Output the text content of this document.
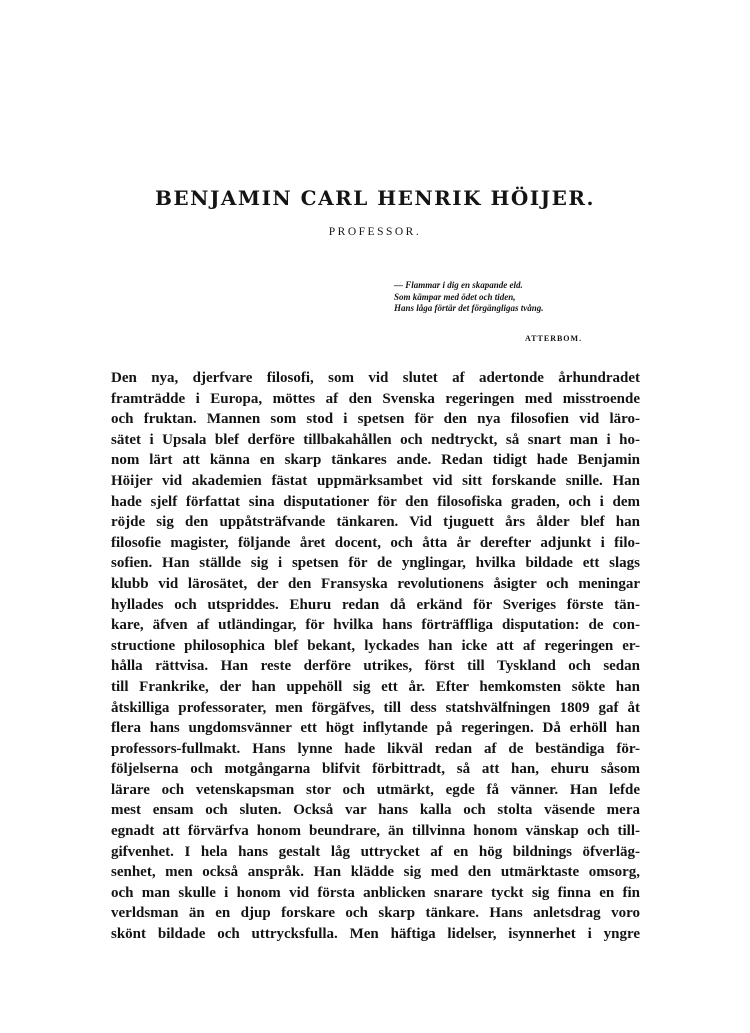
BENJAMIN CARL HENRIK HÖIJER.
PROFESSOR.
— Flammar i dig en skapande eld.
Som kämpar med ödet och tiden,
Hans låga förtär det förgängligas tvång.
ATTERBOM.
Den nya, djerfvare filosofi, som vid slutet af adertonde århundradet
framträdde i Europa, möttes af den Svenska regeringen med misstroende
och fruktan. Mannen som stod i spetsen för den nya filosofien vid läro-
sätet i Upsala blef derföre tillbakahållen och nedtryckt, så snart man i ho-
nom lärt att känna en skarp tänkares ande. Redan tidigt hade Benjamin
Höijer vid akademien fästat uppmärksambet vid sitt forskande snille. Han
hade sjelf författat sina disputationer för den filosofiska graden, och i dem
röjde sig den uppåtsträfvande tänkaren. Vid tjuguett års ålder blef han
filosofie magister, följande året docent, och åtta år derefter adjunkt i filo-
sofien. Han ställde sig i spetsen för de ynglingar, hvilka bildade ett slags
klubb vid lärosätet, der den Fransyska revolutionens åsigter och meningar
hyllades och utspriddes. Ehuru redan då erkänd för Sveriges förste tän-
kare, äfven af utländingar, för hvilka hans förträffliga disputation: de con-
structione philosophica blef bekant, lyckades han icke att af regeringen er-
hålla rättvisa. Han reste derföre utrikes, först till Tyskland och sedan
till Frankrike, der han uppehöll sig ett år. Efter hemkomsten sökte han
åtskilliga professorater, men förgäfves, till dess statshvälfningen 1809 gaf åt
flera hans ungdomsvänner ett högt inflytande på regeringen. Då erhöll han
professors-fullmakt. Hans lynne hade likväl redan af de beständiga för-
följelserna och motgångarna blifvit förbittradt, så att han, ehuru såsom
lärare och vetenskapsman stor och utmärkt, egde få vänner. Han lefde
mest ensam och sluten. Också var hans kalla och stolta väsende mera
egnadt att förvärfva honom beundrare, än tillvinna honom vänskap och till-
gifvenhet. I hela hans gestalt låg uttrycket af en hög bildnings öfverläg-
senhet, men också anspråk. Han klädde sig med den utmärktaste omsorg,
och man skulle i honom vid första anblicken snarare tyckt sig finna en fin
verldsman än en djup forskare och skarp tänkare. Hans anletsdrag voro
skönt bildade och uttrycksfulla. Men häftiga lidelser, isynnerhet i yngre
